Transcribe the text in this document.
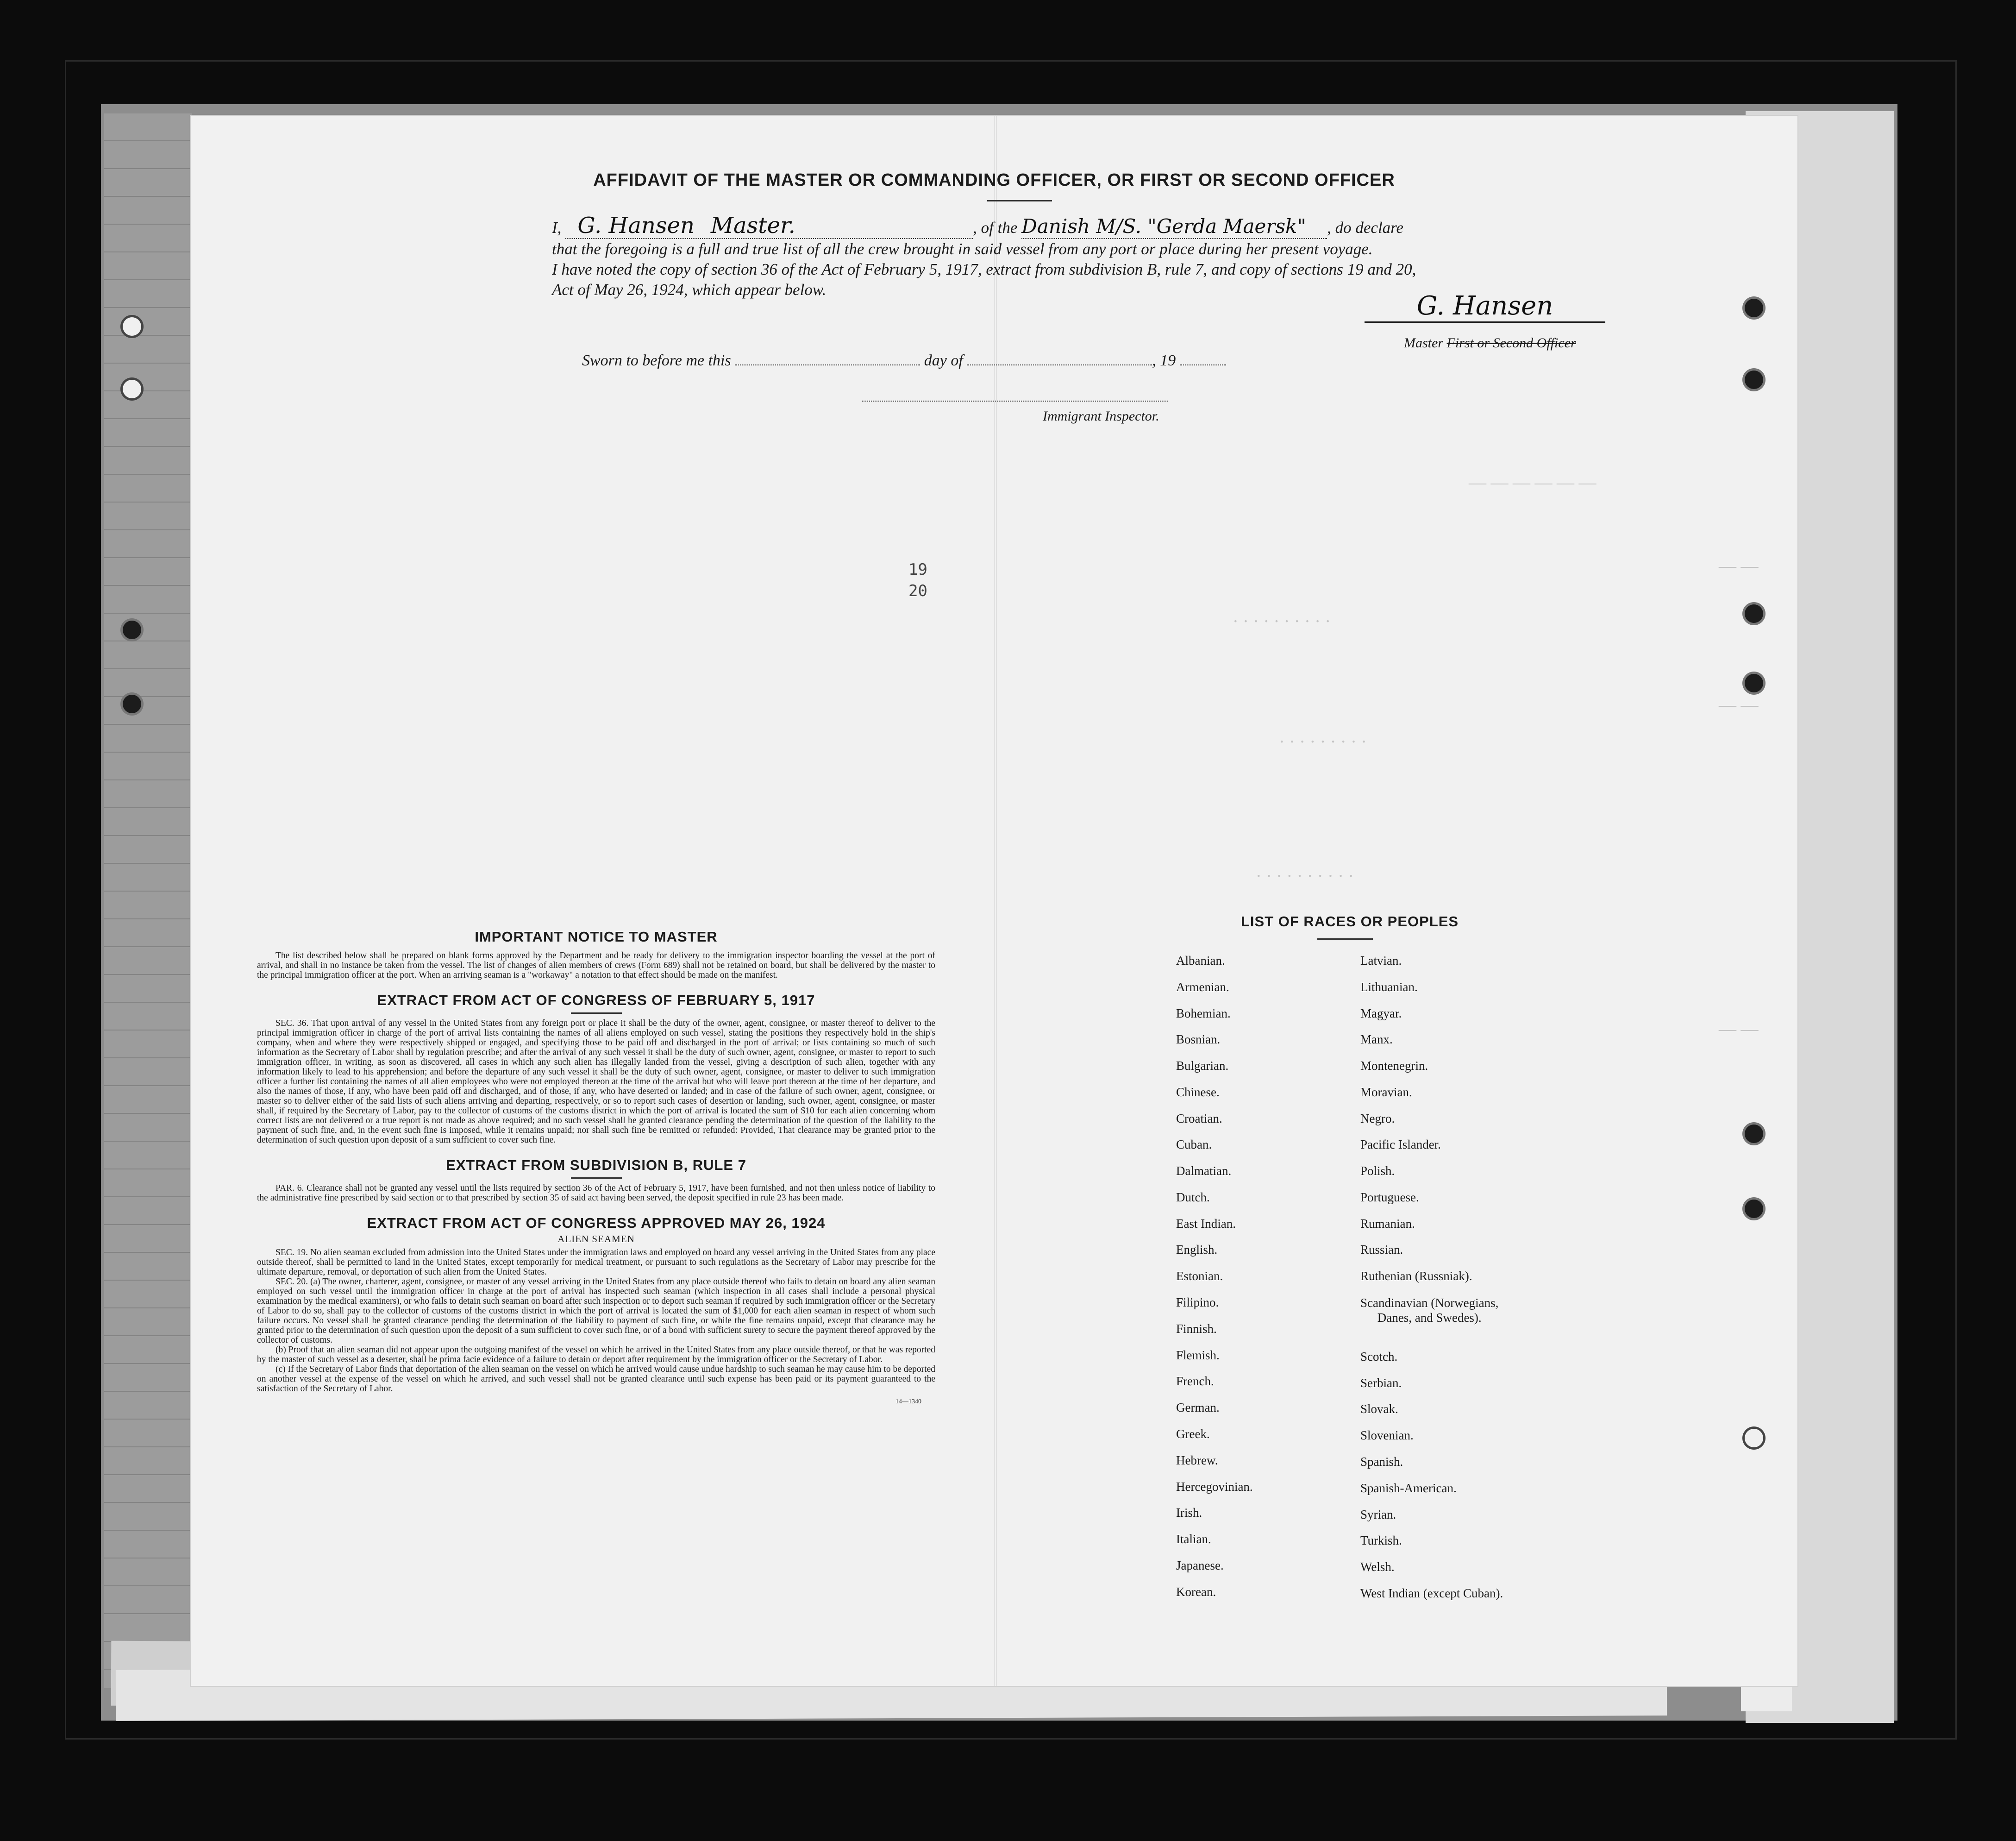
— — — — — —
· · · · · · · · · ·
· · · · · · · · ·
· · · · · · · · · ·
— —
— —
— —
AFFIDAVIT OF THE MASTER OR COMMANDING OFFICER, OR FIRST OR SECOND OFFICER
I, G. Hansen Master.	, of the Danish M/S. "Gerda Maersk" , do declare
that the foregoing is a full and true list of all the crew brought in said vessel from any port or place during her present voyage.
I have noted the copy of section 36 of the Act of February 5, 1917, extract from subdivision B, rule 7, and copy of sections 19 and 20,
Act of May 26, 1924, which appear below.
G. Hansen
Master First or Second Officer
Sworn to before me this	day of	, 19
Immigrant Inspector.
19
20

IMPORTANT NOTICE TO MASTER

The list described below shall be prepared on blank forms approved by the Department and be ready for delivery to the immigration inspector boarding the vessel at the port of arrival, and shall in no instance be taken from the vessel. The list of changes of alien members of crews (Form 689) shall not be retained on board, but shall be delivered by the master to the principal immigration officer at the port. When an arriving seaman is a "workaway" a notation to that effect should be made on the manifest.

EXTRACT FROM ACT OF CONGRESS OF FEBRUARY 5, 1917

SEC. 36. That upon arrival of any vessel in the United States from any foreign port or place it shall be the duty of the owner, agent, consignee, or master thereof to deliver to the principal immigration officer in charge of the port of arrival lists containing the names of all aliens employed on such vessel, stating the positions they respectively hold in the ship's company, when and where they were respectively shipped or engaged, and specifying those to be paid off and discharged in the port of arrival; or lists containing so much of such information as the Secretary of Labor shall by regulation prescribe; and after the arrival of any such vessel it shall be the duty of such owner, agent, consignee, or master to report to such immigration officer, in writing, as soon as discovered, all cases in which any such alien has illegally landed from the vessel, giving a description of such alien, together with any information likely to lead to his apprehension; and before the departure of any such vessel it shall be the duty of such owner, agent, consignee, or master to deliver to such immigration officer a further list containing the names of all alien employees who were not employed thereon at the time of the arrival but who will leave port thereon at the time of her departure, and also the names of those, if any, who have been paid off and discharged, and of those, if any, who have deserted or landed; and in case of the failure of such owner, agent, consignee, or master so to deliver either of the said lists of such aliens arriving and departing, respectively, or so to report such cases of desertion or landing, such owner, agent, consignee, or master shall, if required by the Secretary of Labor, pay to the collector of customs of the customs district in which the port of arrival is located the sum of $10 for each alien concerning whom correct lists are not delivered or a true report is not made as above required; and no such vessel shall be granted clearance pending the determination of the question of the liability to the payment of such fine, and, in the event such fine is imposed, while it remains unpaid; nor shall such fine be remitted or refunded: Provided, That clearance may be granted prior to the determination of such question upon deposit of a sum sufficient to cover such fine.

EXTRACT FROM SUBDIVISION B, RULE 7

PAR. 6. Clearance shall not be granted any vessel until the lists required by section 36 of the Act of February 5, 1917, have been furnished, and not then unless notice of liability to the administrative fine prescribed by said section or to that prescribed by section 35 of said act having been served, the deposit specified in rule 23 has been made.

EXTRACT FROM ACT OF CONGRESS APPROVED MAY 26, 1924

ALIEN SEAMEN

SEC. 19. No alien seaman excluded from admission into the United States under the immigration laws and employed on board any vessel arriving in the United States from any place outside thereof, shall be permitted to land in the United States, except temporarily for medical treatment, or pursuant to such regulations as the Secretary of Labor may prescribe for the ultimate departure, removal, or deportation of such alien from the United States.

SEC. 20. (a) The owner, charterer, agent, consignee, or master of any vessel arriving in the United States from any place outside thereof who fails to detain on board any alien seaman employed on such vessel until the immigration officer in charge at the port of arrival has inspected such seaman (which inspection in all cases shall include a personal physical examination by the medical examiners), or who fails to detain such seaman on board after such inspection or to deport such seaman if required by such immigration officer or the Secretary of Labor to do so, shall pay to the collector of customs of the customs district in which the port of arrival is located the sum of $1,000 for each alien seaman in respect of whom such failure occurs. No vessel shall be granted clearance pending the determination of the liability to payment of such fine, or while the fine remains unpaid, except that clearance may be granted prior to the determination of such question upon the deposit of a sum sufficient to cover such fine, or of a bond with sufficient surety to secure the payment thereof approved by the collector of customs.

(b) Proof that an alien seaman did not appear upon the outgoing manifest of the vessel on which he arrived in the United States from any place outside thereof, or that he was reported by the master of such vessel as a deserter, shall be prima facie evidence of a failure to detain or deport after requirement by the immigration officer or the Secretary of Labor.

(c) If the Secretary of Labor finds that deportation of the alien seaman on the vessel on which he arrived would cause undue hardship to such seaman he may cause him to be deported on another vessel at the expense of the vessel on which he arrived, and such vessel shall not be granted clearance until such expense has been paid or its payment guaranteed to the satisfaction of the Secretary of Labor.

14—1340
LIST OF RACES OR PEOPLES
Albanian.
Armenian.
Bohemian.
Bosnian.
Bulgarian.
Chinese.
Croatian.
Cuban.
Dalmatian.
Dutch.
East Indian.
English.
Estonian.
Filipino.
Finnish.
Flemish.
French.
German.
Greek.
Hebrew.
Hercegovinian.
Irish.
Italian.
Japanese.
Korean.
Latvian.
Lithuanian.
Magyar.
Manx.
Montenegrin.
Moravian.
Negro.
Pacific Islander.
Polish.
Portuguese.
Rumanian.
Russian.
Ruthenian (Russniak).
Scandinavian (Norwegians,
Danes, and Swedes).
Scotch.
Serbian.
Slovak.
Slovenian.
Spanish.
Spanish-American.
Syrian.
Turkish.
Welsh.
West Indian (except Cuban).
